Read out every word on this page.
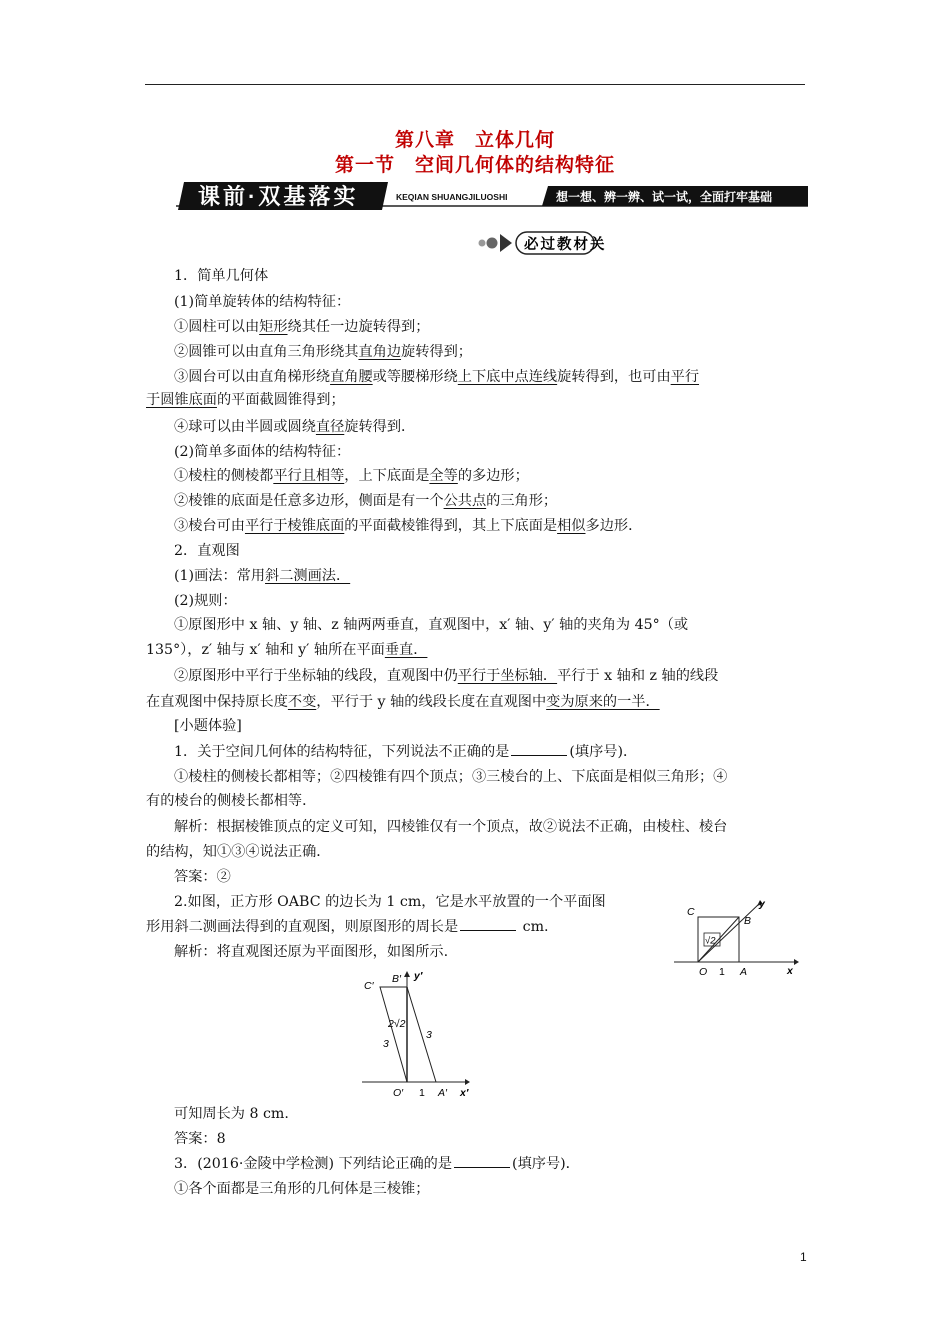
第八章　立体几何
第一节　空间几何体的结构特征
课前·双基落实	KEQIAN SHUANGJILUOSHI	想一想、辨一辨、试一试，全面打牢基础
必过教材关
1．简单几何体
(1)简单旋转体的结构特征：
①圆柱可以由矩形绕其任一边旋转得到；
②圆锥可以由直角三角形绕其直角边旋转得到；
③圆台可以由直角梯形绕直角腰或等腰梯形绕上下底中点连线旋转得到，也可由平行
于圆锥底面的平面截圆锥得到；
④球可以由半圆或圆绕直径旋转得到．
(2)简单多面体的结构特征：
①棱柱的侧棱都平行且相等，上下底面是全等的多边形；
②棱锥的底面是任意多边形，侧面是有一个公共点的三角形；
③棱台可由平行于棱锥底面的平面截棱锥得到，其上下底面是相似多边形．
2．直观图
(1)画法：常用斜二测画法．
(2)规则：
①原图形中 x 轴、y 轴、z 轴两两垂直，直观图中，x′ 轴、y′ 轴的夹角为 45°（或
135°），z′ 轴与 x′ 轴和 y′ 轴所在平面垂直．
②原图形中平行于坐标轴的线段，直观图中仍平行于坐标轴．平行于 x 轴和 z 轴的线段
在直观图中保持原长度不变，平行于 y 轴的线段长度在直观图中变为原来的一半．
[小题体验]
1．关于空间几何体的结构特征，下列说法不正确的是	(填序号)．
①棱柱的侧棱长都相等；②四棱锥有四个顶点；③三棱台的上、下底面是相似三角形；④
有的棱台的侧棱长都相等．
解析：根据棱锥顶点的定义可知，四棱锥仅有一个顶点，故②说法不正确，由棱柱、棱台
的结构，知①③④说法正确．
答案：②
2.如图，正方形 OABC 的边长为 1 cm，它是水平放置的一个平面图
形用斜二测画法得到的直观图，则原图形的周长是	cm.
解析：将直观图还原为平面图形，如图所示.
可知周长为 8 cm.
答案：8
3．(2016·金陵中学检测) 下列结论正确的是	(填序号)．
①各个面都是三角形的几何体是三棱锥；
√2
C
B
y
O 1 A	x
C′
B′ y′
2√2
3
3
O′ 1 A′ x′
1
